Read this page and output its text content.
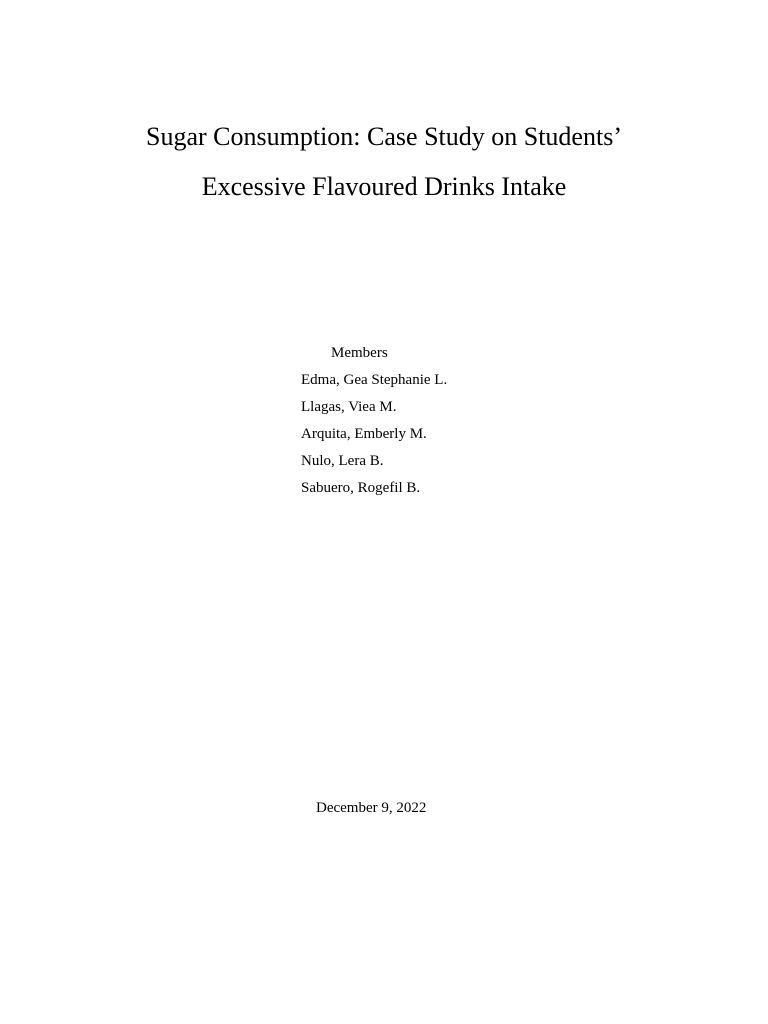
Sugar Consumption: Case Study on Students’
Excessive Flavoured Drinks Intake
Members
Edma, Gea Stephanie L.
Llagas, Viea M.
Arquita, Emberly M.
Nulo, Lera B.
Sabuero, Rogefil B.
December 9, 2022
